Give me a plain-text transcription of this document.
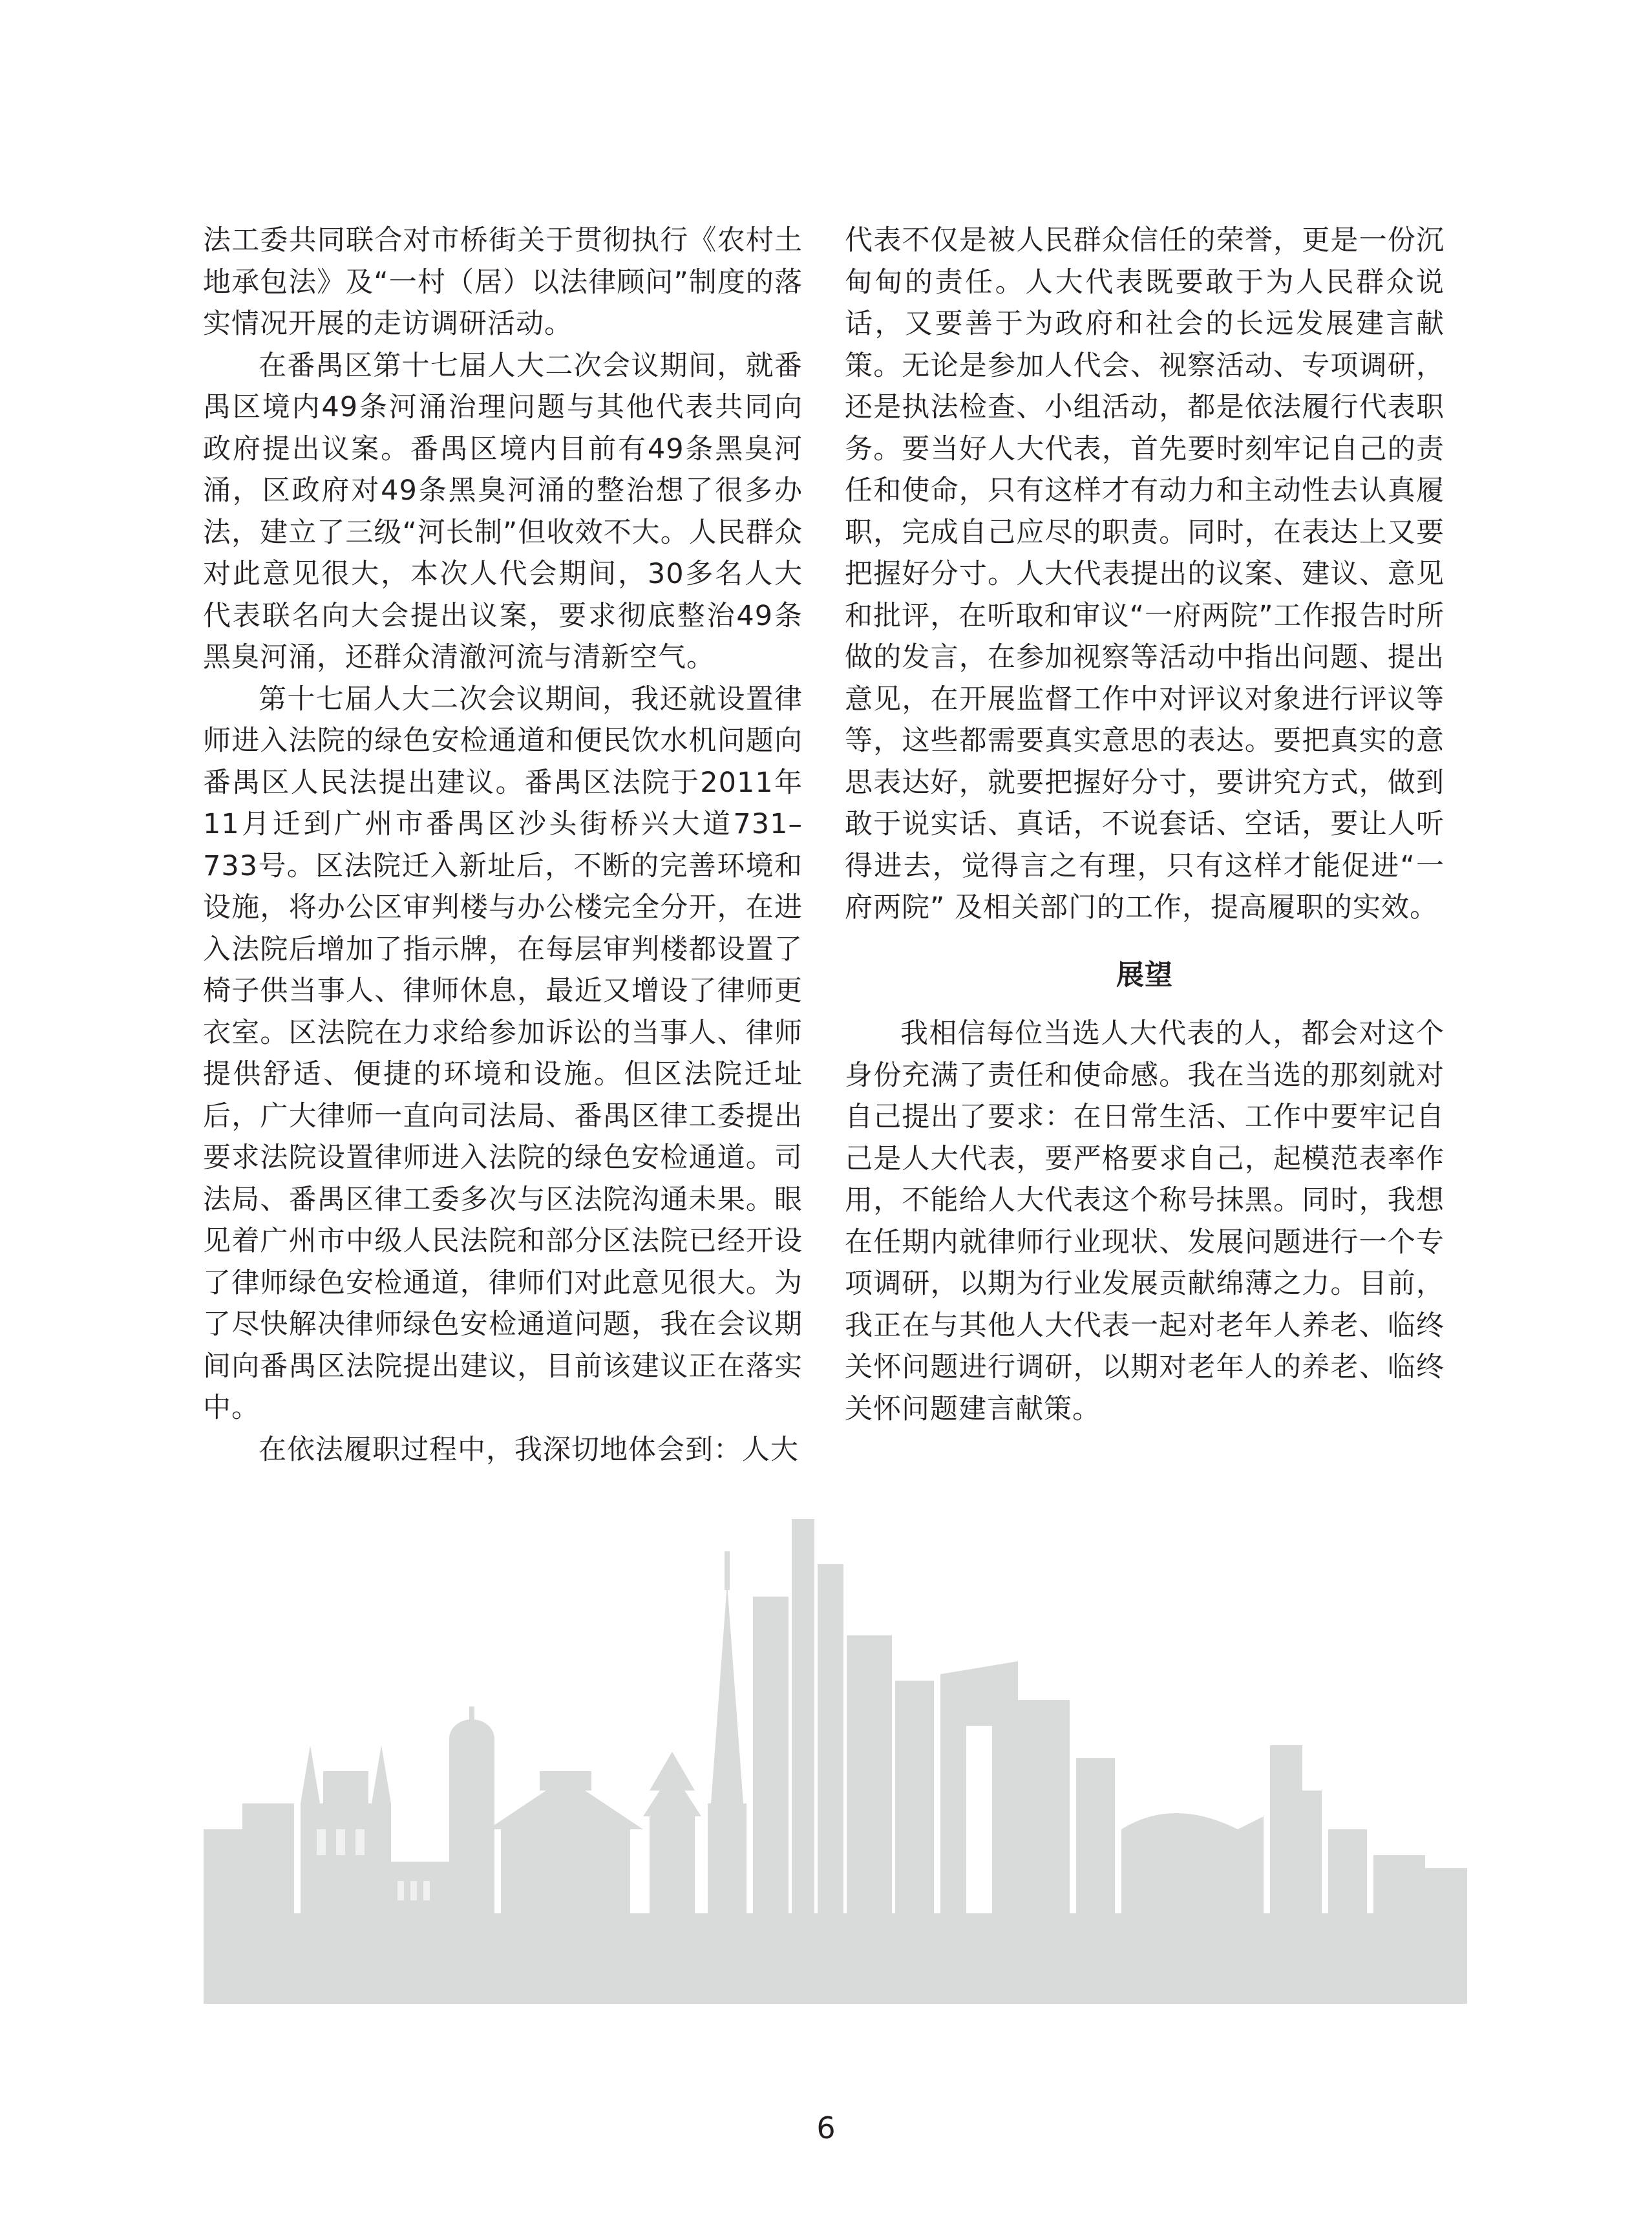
法工委共同联合对市桥街关于贯彻执行《农村土地承包法》及“一村（居）以法律顾问”制度的落实情况开展的走访调研活动。

在番禺区第十七届人大二次会议期间，就番禺区境内49条河涌治理问题与其他代表共同向政府提出议案。番禺区境内目前有49条黑臭河涌，区政府对49条黑臭河涌的整治想了很多办法，建立了三级“河长制”但收效不大。人民群众对此意见很大，本次人代会期间，30多名人大代表联名向大会提出议案，要求彻底整治49条黑臭河涌，还群众清澈河流与清新空气。

第十七届人大二次会议期间，我还就设置律师进入法院的绿色安检通道和便民饮水机问题向番禺区人民法提出建议。番禺区法院于2011年11月迁到广州市番禺区沙头街桥兴大道731–733号。区法院迁入新址后，不断的完善环境和设施，将办公区审判楼与办公楼完全分开，在进入法院后增加了指示牌，在每层审判楼都设置了椅子供当事人、律师休息，最近又增设了律师更衣室。区法院在力求给参加诉讼的当事人、律师提供舒适、便捷的环境和设施。但区法院迁址后，广大律师一直向司法局、番禺区律工委提出要求法院设置律师进入法院的绿色安检通道。司法局、番禺区律工委多次与区法院沟通未果。眼见着广州市中级人民法院和部分区法院已经开设了律师绿色安检通道，律师们对此意见很大。为了尽快解决律师绿色安检通道问题，我在会议期间向番禺区法院提出建议，目前该建议正在落实中。

在依法履职过程中，我深切地体会到：人大

代表不仅是被人民群众信任的荣誉，更是一份沉甸甸的责任。人大代表既要敢于为人民群众说话，又要善于为政府和社会的长远发展建言献策。无论是参加人代会、视察活动、专项调研，还是执法检查、小组活动，都是依法履行代表职务。要当好人大代表，首先要时刻牢记自己的责任和使命，只有这样才有动力和主动性去认真履职，完成自己应尽的职责。同时，在表达上又要把握好分寸。人大代表提出的议案、建议、意见和批评，在听取和审议“一府两院”工作报告时所做的发言，在参加视察等活动中指出问题、提出意见，在开展监督工作中对评议对象进行评议等等，这些都需要真实意思的表达。要把真实的意思表达好，就要把握好分寸，要讲究方式，做到敢于说实话、真话，不说套话、空话，要让人听得进去，觉得言之有理，只有这样才能促进“一府两院” 及相关部门的工作，提高履职的实效。

展望

我相信每位当选人大代表的人，都会对这个身份充满了责任和使命感。我在当选的那刻就对自己提出了要求：在日常生活、工作中要牢记自己是人大代表，要严格要求自己，起模范表率作用，不能给人大代表这个称号抹黑。同时，我想在任期内就律师行业现状、发展问题进行一个专项调研，以期为行业发展贡献绵薄之力。目前，我正在与其他人大代表一起对老年人养老、临终关怀问题进行调研，以期对老年人的养老、临终关怀问题建言献策。

6
